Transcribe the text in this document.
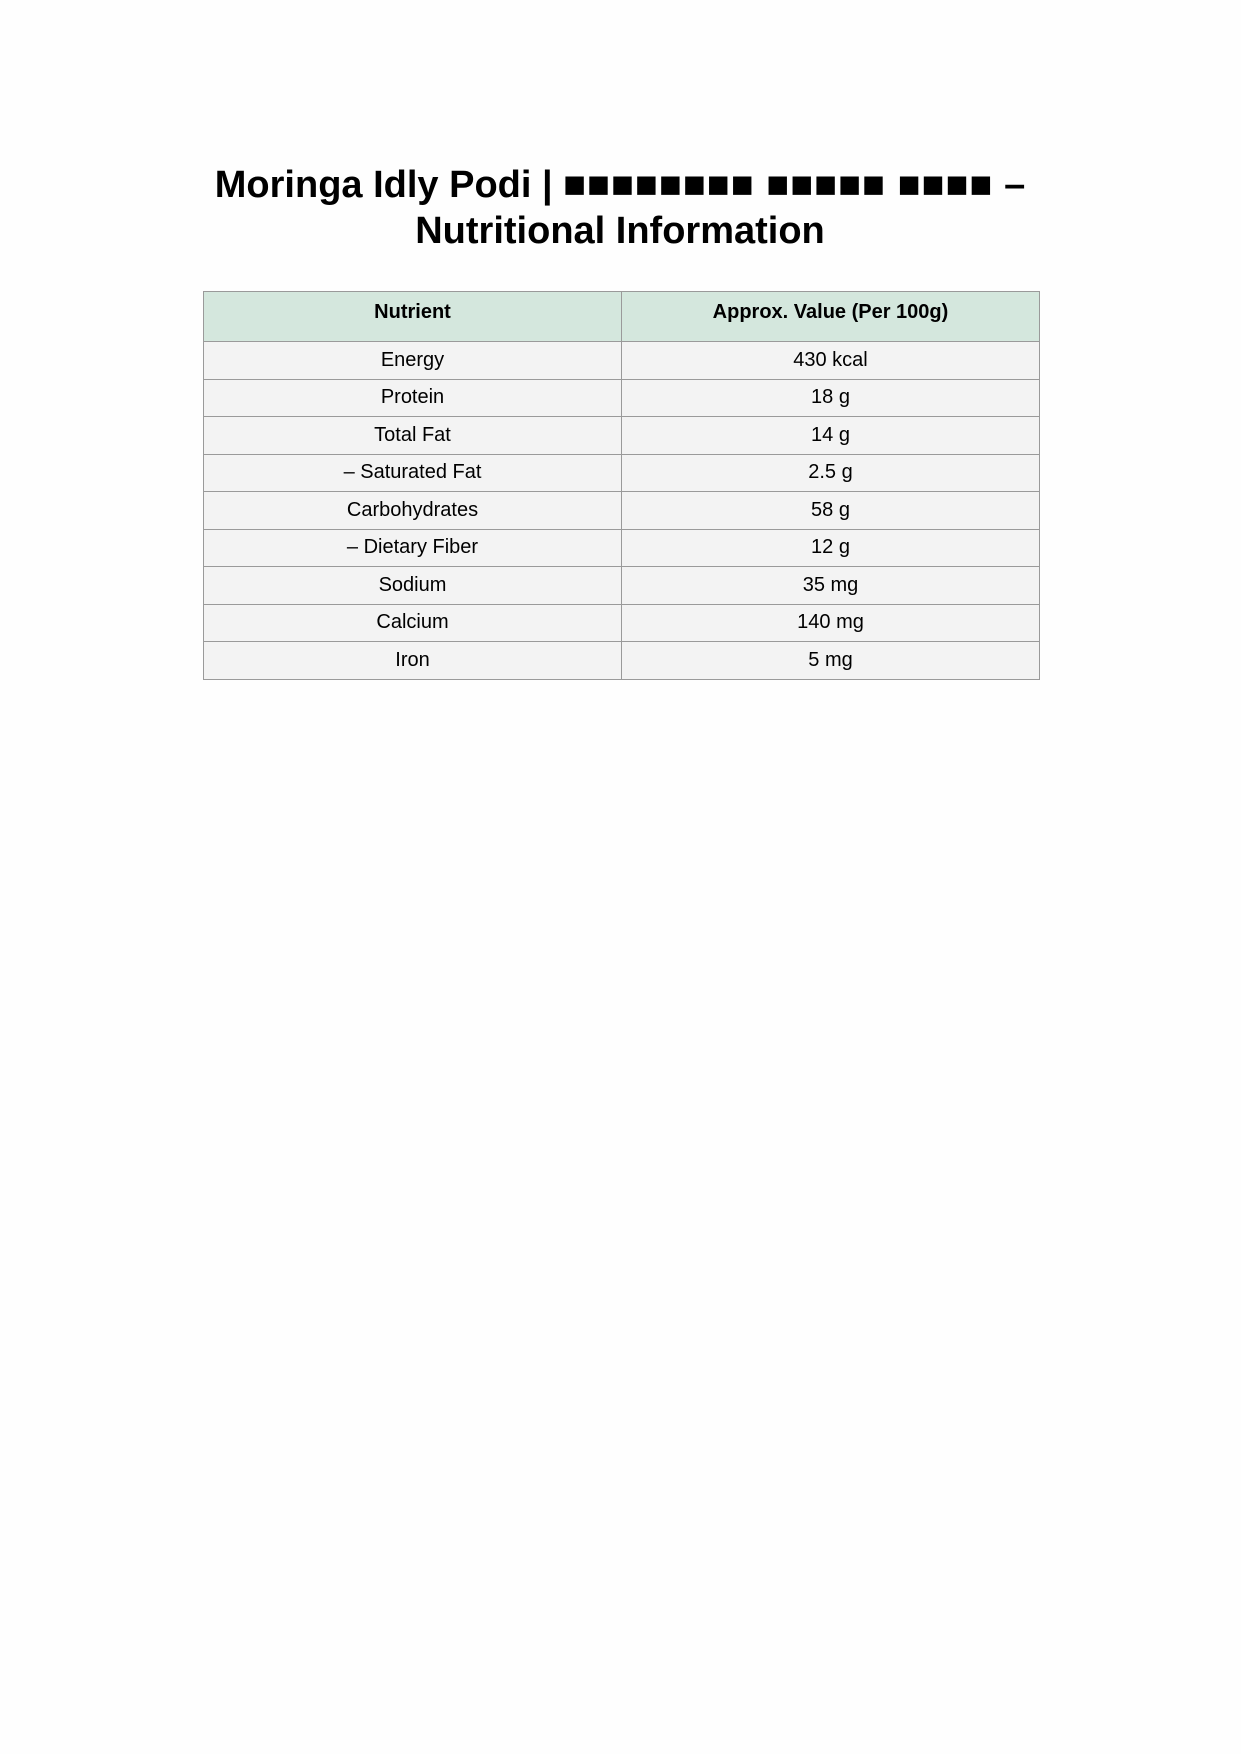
Moringa Idly Podi | ■■■■■■■■ ■■■■■ ■■■■ –
Nutritional Information
Nutrient	Approx. Value (Per 100g)
Energy	430 kcal
Protein	18 g
Total Fat	14 g
– Saturated Fat	2.5 g
Carbohydrates	58 g
– Dietary Fiber	12 g
Sodium	35 mg
Calcium	140 mg
Iron	5 mg
